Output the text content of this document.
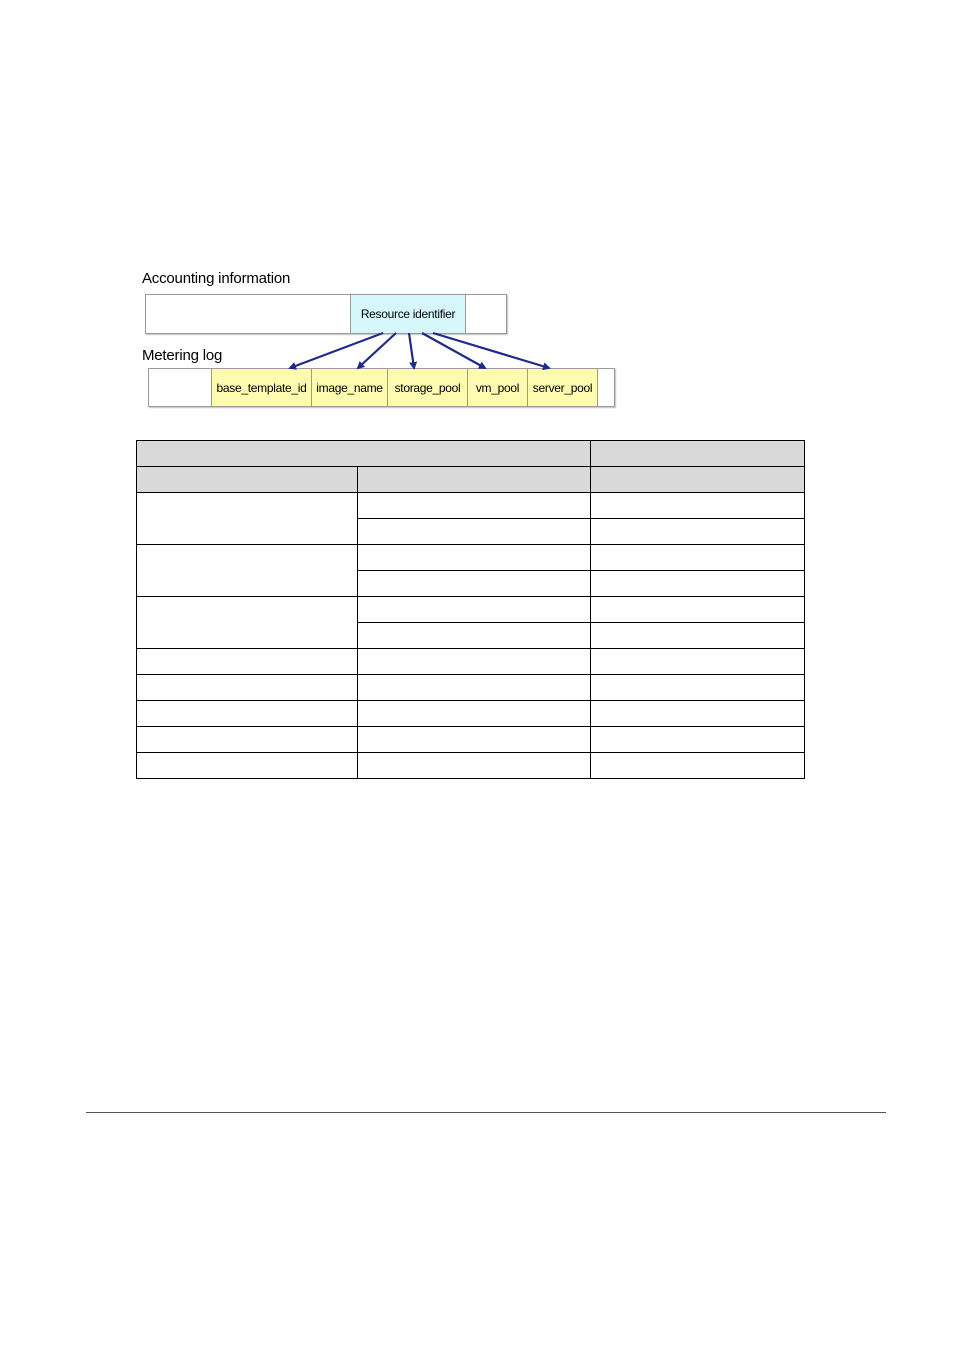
Accounting information
Resource identifier
Metering log
base_template_id image_name storage_pool vm_pool server_pool
